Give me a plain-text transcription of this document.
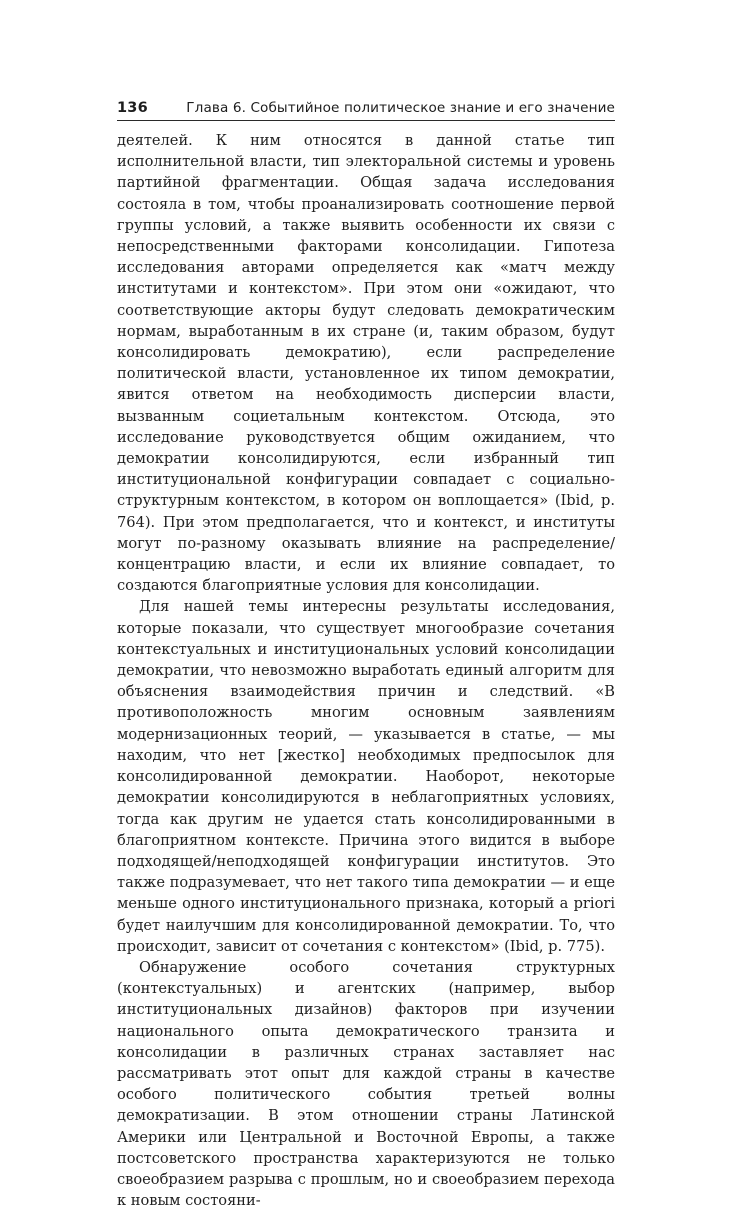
136	Глава 6. Событийное политическое знание и его значение

деятелей. К ним относятся в данной статье тип исполнительной власти, тип электоральной системы и уровень партийной фрагментации. Общая задача исследования состояла в том, чтобы проанализировать соотношение первой группы условий, а также выявить особенности их связи с непосредственными факторами консолидации. Гипотеза исследования авторами определяется как «матч между институтами и контекстом». При этом они «ожидают, что соответствующие акторы будут следовать демократическим нормам, выработанным в их стране (и, таким образом, будут консолидировать демократию), если распределение политической власти, установленное их типом демократии, явится ответом на необходимость дисперсии власти, вызванным социетальным контекстом. Отсюда, это исследование руководствуется общим ожиданием, что демократии консолидируются, если избранный тип институциональной конфигурации совпадает с социально-структурным контекстом, в котором он воплощается» (Ibid, p. 764). При этом предполагается, что и контекст, и институты могут по-разному оказывать влияние на распределение/концентрацию власти, и если их влияние совпадает, то создаются благоприятные условия для консолидации.

Для нашей темы интересны результаты исследования, которые показали, что существует многообразие сочетания контекстуальных и институциональных условий консолидации демократии, что невозможно выработать единый алгоритм для объяснения взаимодействия причин и следствий. «В противоположность многим основным заявлениям модернизационных теорий, — указывается в статье, — мы находим, что нет [жестко] необходимых предпосылок для консолидированной демократии. Наоборот, некоторые демократии консолидируются в неблагоприятных условиях, тогда как другим не удается стать консолидированными в благоприятном контексте. Причина этого видится в выборе подходящей/неподходящей конфигурации институтов. Это также подразумевает, что нет такого типа демократии — и еще меньше одного институционального признака, который a priori будет наилучшим для консолидированной демократии. То, что происходит, зависит от сочетания с контекстом» (Ibid, p. 775).

Обнаружение особого сочетания структурных (контекстуальных) и агентских (например, выбор институциональных дизайнов) факторов при изучении национального опыта демократического транзита и консолидации в различных странах заставляет нас рассматривать этот опыт для каждой страны в качестве особого политического события третьей волны демократизации. В этом отношении страны Латинской Америки или Центральной и Восточной Европы, а также постсоветского пространства характеризуются не только своеобразием разрыва с прошлым, но и своеобразием перехода к новым состояни-
